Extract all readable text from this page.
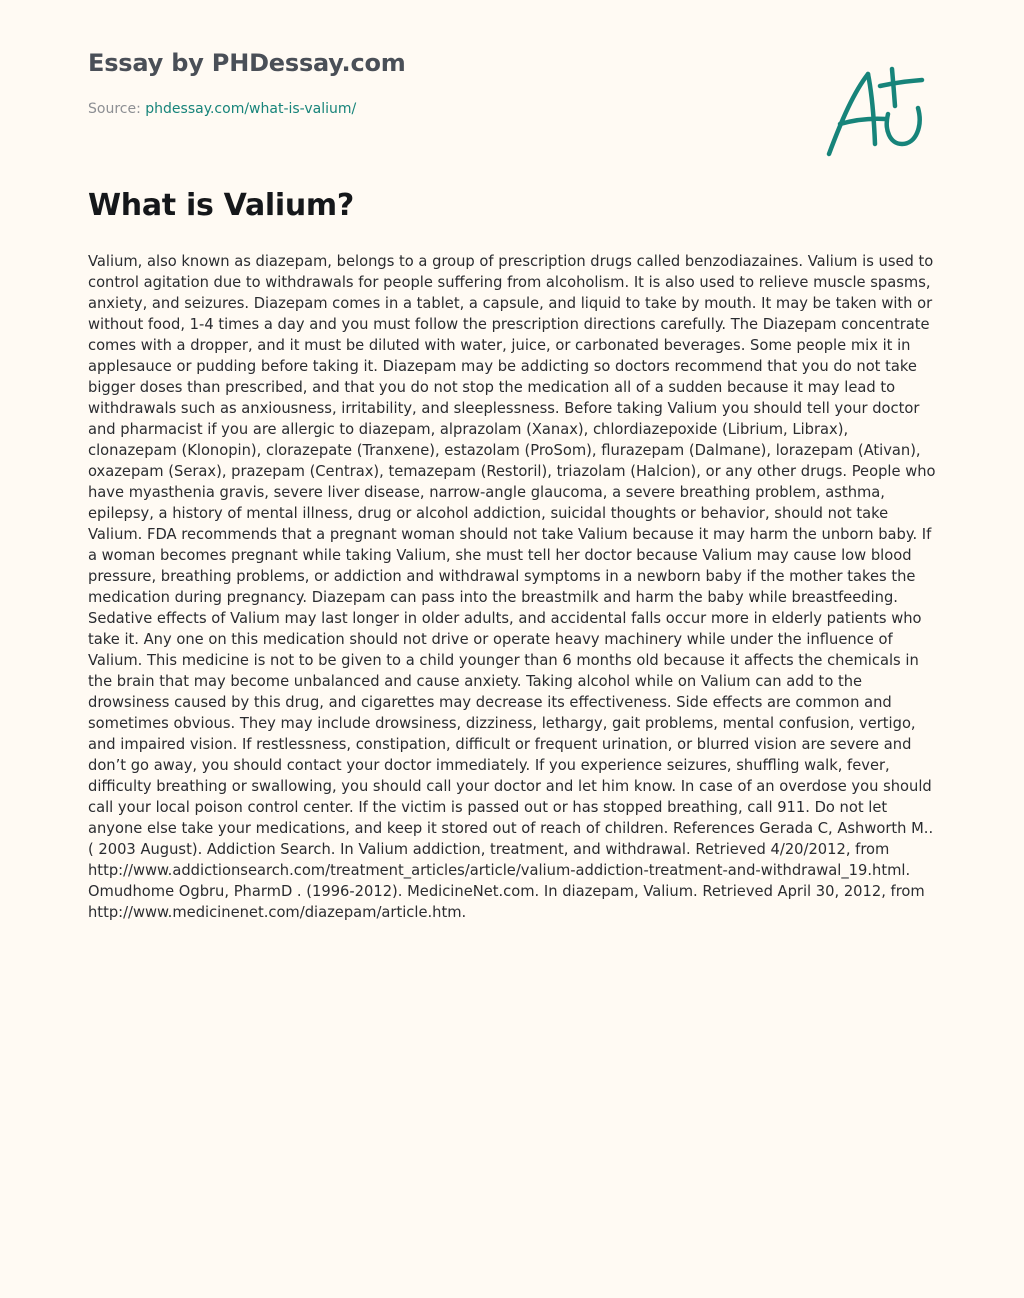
Essay by PHDessay.com
Source: phdessay.com/what-is-valium/
What is Valium?

Valium, also known as diazepam, belongs to a group of prescription drugs called benzodiazaines. Valium is used to control agitation due to withdrawals for people suffering from alcoholism. It is also used to relieve muscle spasms, anxiety, and seizures. Diazepam comes in a tablet, a capsule, and liquid to take by mouth. It may be taken with or without food, 1-4 times a day and you must follow the prescription directions carefully. The Diazepam concentrate comes with a dropper, and it must be diluted with water, juice, or carbonated beverages. Some people mix it in applesauce or pudding before taking it. Diazepam may be addicting so doctors recommend that you do not take bigger doses than prescribed, and that you do not stop the medication all of a sudden because it may lead to withdrawals such as anxiousness, irritability, and sleeplessness. Before taking Valium you should tell your doctor and pharmacist if you are allergic to diazepam, alprazolam (Xanax), chlordiazepoxide (Librium, Librax), clonazepam (Klonopin), clorazepate (Tranxene), estazolam (ProSom), flurazepam (Dalmane), lorazepam (Ativan), oxazepam (Serax), prazepam (Centrax), temazepam (Restoril), triazolam (Halcion), or any other drugs. People who have myasthenia gravis, severe liver disease, narrow-angle glaucoma, a severe breathing problem, asthma, epilepsy, a history of mental illness, drug or alcohol addiction, suicidal thoughts or behavior, should not take Valium. FDA recommends that a pregnant woman should not take Valium because it may harm the unborn baby. If a woman becomes pregnant while taking Valium, she must tell her doctor because Valium may cause low blood pressure, breathing problems, or addiction and withdrawal symptoms in a newborn baby if the mother takes the medication during pregnancy. Diazepam can pass into the breastmilk and harm the baby while breastfeeding. Sedative effects of Valium may last longer in older adults, and accidental falls occur more in elderly patients who take it. Any one on this medication should not drive or operate heavy machinery while under the influence of Valium. This medicine is not to be given to a child younger than 6 months old because it affects the chemicals in the brain that may become unbalanced and cause anxiety. Taking alcohol while on Valium can add to the drowsiness caused by this drug, and cigarettes may decrease its effectiveness. Side effects are common and sometimes obvious. They may include drowsiness, dizziness, lethargy, gait problems, mental confusion, vertigo, and impaired vision. If restlessness, constipation, difficult or frequent urination, or blurred vision are severe and don’t go away, you should contact your doctor immediately. If you experience seizures, shuffling walk, fever, difficulty breathing or swallowing, you should call your doctor and let him know. In case of an overdose you should call your local poison control center. If the victim is passed out or has stopped breathing, call 911. Do not let anyone else take your medications, and keep it stored out of reach of children. References Gerada C, Ashworth M.. ( 2003 August). Addiction Search. In Valium addiction, treatment, and withdrawal. Retrieved 4/20/2012, from http://www.addictionsearch.com/treatment_articles/article/valium-addiction-treatment-and-withdrawal_19.html. Omudhome Ogbru, PharmD . (1996-2012). MedicineNet.com. In diazepam, Valium. Retrieved April 30, 2012, from http://www.medicinenet.com/diazepam/article.htm.
